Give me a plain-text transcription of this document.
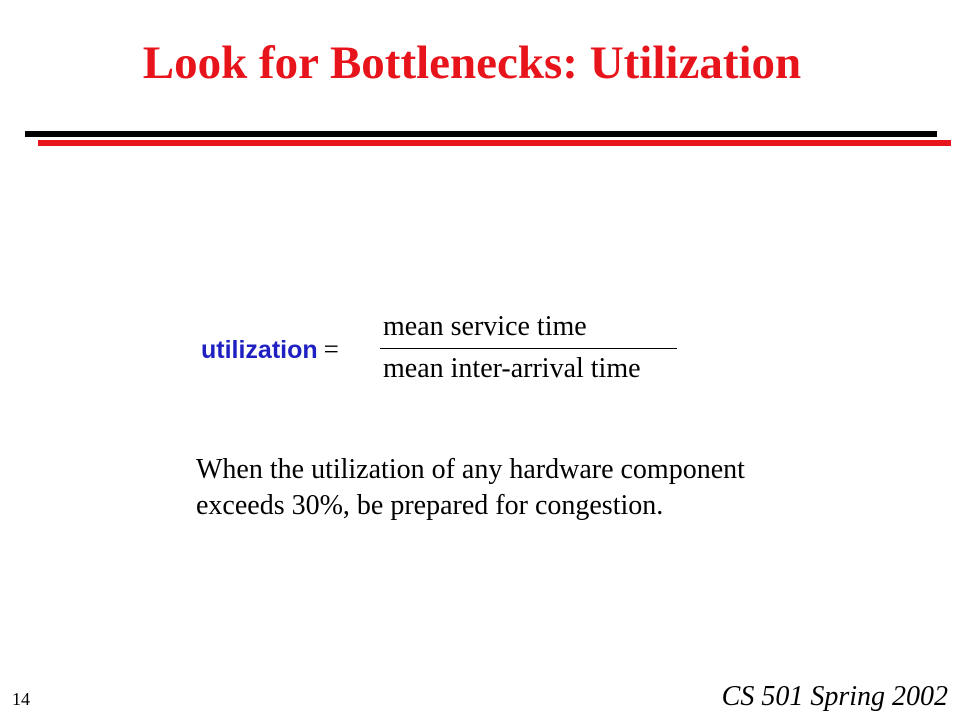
Look for Bottlenecks: Utilization
utilization =
mean service time
mean inter-arrival time
When the utilization of any hardware component exceeds 30%, be prepared for congestion.
14	CS 501 Spring 2002
